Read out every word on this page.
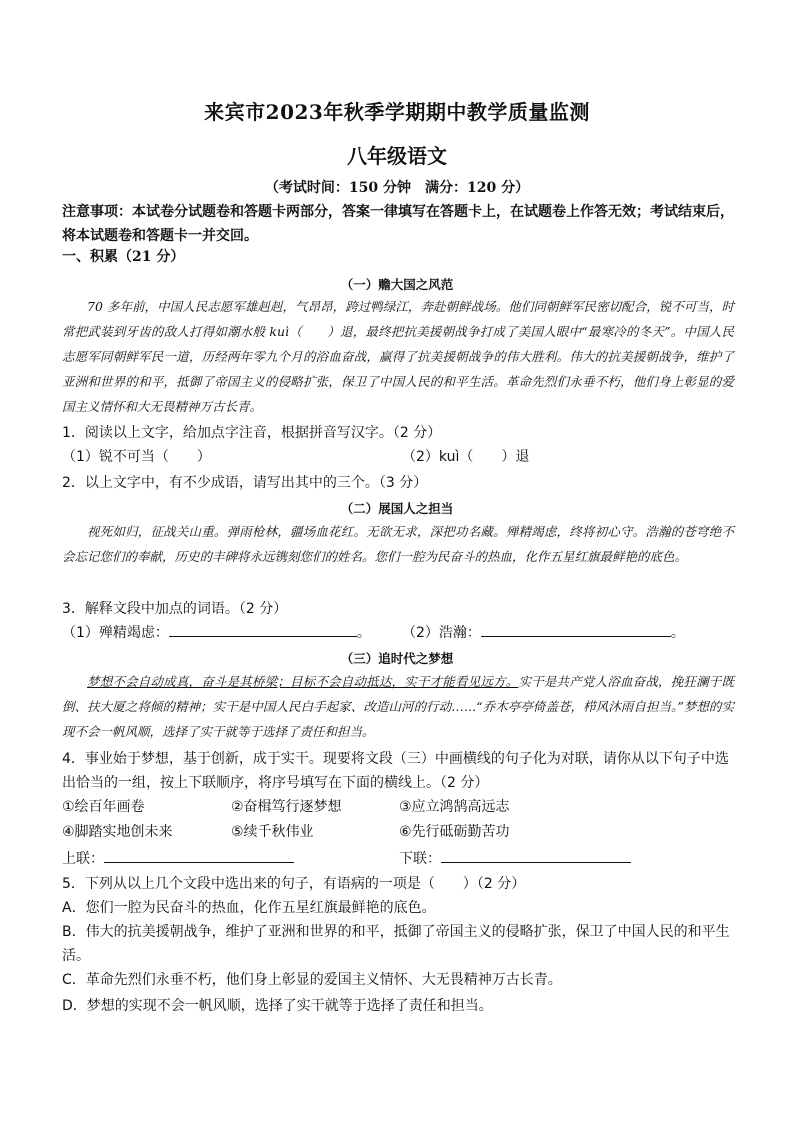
来宾市2023年秋季学期期中教学质量监测
八年级语文
（考试时间：150 分钟　满分：120 分）
注意事项：本试卷分试题卷和答题卡两部分，答案一律填写在答题卡上，在试题卷上作答无效；考试结束后，将本试题卷和答题卡一并交回。
一、积累（21 分）
（一）赡大国之风范
70 多年前，中国人民志愿军雄赳赳，气昂昂，跨过鸭绿江，奔赴朝鲜战场。他们同朝鲜军民密切配合，锐不可当，时常把武装到牙齿的敌人打得如潮水般 kuì（　　）退，最终把抗美援朝战争打成了美国人眼中“最寒冷的冬天”。中国人民志愿军同朝鲜军民一道，历经两年零九个月的浴血奋战，赢得了抗美援朝战争的伟大胜利。伟大的抗美援朝战争，维护了亚洲和世界的和平，抵御了帝国主义的侵略扩张，保卫了中国人民的和平生活。革命先烈们永垂不朽，他们身上彰显的爱国主义情怀和大无畏精神万古长青。
1．阅读以上文字，给加点字注音，根据拼音写汉字。（2 分）
（1）锐不可当（　　）	（2）kuì（　　）退
2．以上文字中，有不少成语，请写出其中的三个。（3 分）
（二）展国人之担当
视死如归，征战关山重。弹雨枪林，疆场血花红。无欲无求，深把功名藏。殚精竭虑，终将初心守。浩瀚的苍穹绝不会忘记您们的奉献，历史的丰碑将永远镌刻您们的姓名。您们一腔为民奋斗的热血，化作五星红旗最鲜艳的底色。
3．解释文段中加点的词语。（2 分）
（1）殚精竭虑：	。 （2）浩瀚：	。
（三）追时代之梦想
梦想不会自动成真，奋斗是其桥梁；目标不会自动抵达，实干才能看见远方。实干是共产党人浴血奋战，挽狂澜于既倒、扶大厦之将倾的精神；实干是中国人民白手起家、改造山河的行动……“乔木亭亭倚盖苍，栉风沐雨自担当。”梦想的实现不会一帆风顺，选择了实干就等于选择了责任和担当。
4．事业始于梦想，基于创新，成于实干。现要将文段（三）中画横线的句子化为对联，请你从以下句子中选出恰当的一组，按上下联顺序，将序号填写在下面的横线上。（2 分）
①绘百年画卷	②奋楫笃行逐梦想	③应立鸿鹄高远志
④脚踏实地创未来	⑤续千秋伟业	⑥先行砥砺勤苦功
上联：	下联：
5．下列从以上几个文段中选出来的句子，有语病的一项是（　　）（2 分）
A．您们一腔为民奋斗的热血，化作五星红旗最鲜艳的底色。
B．伟大的抗美援朝战争，维护了亚洲和世界的和平，抵御了帝国主义的侵略扩张，保卫了中国人民的和平生活。
C．革命先烈们永垂不朽，他们身上彰显的爱国主义情怀、大无畏精神万古长青。
D．梦想的实现不会一帆风顺，选择了实干就等于选择了责任和担当。
